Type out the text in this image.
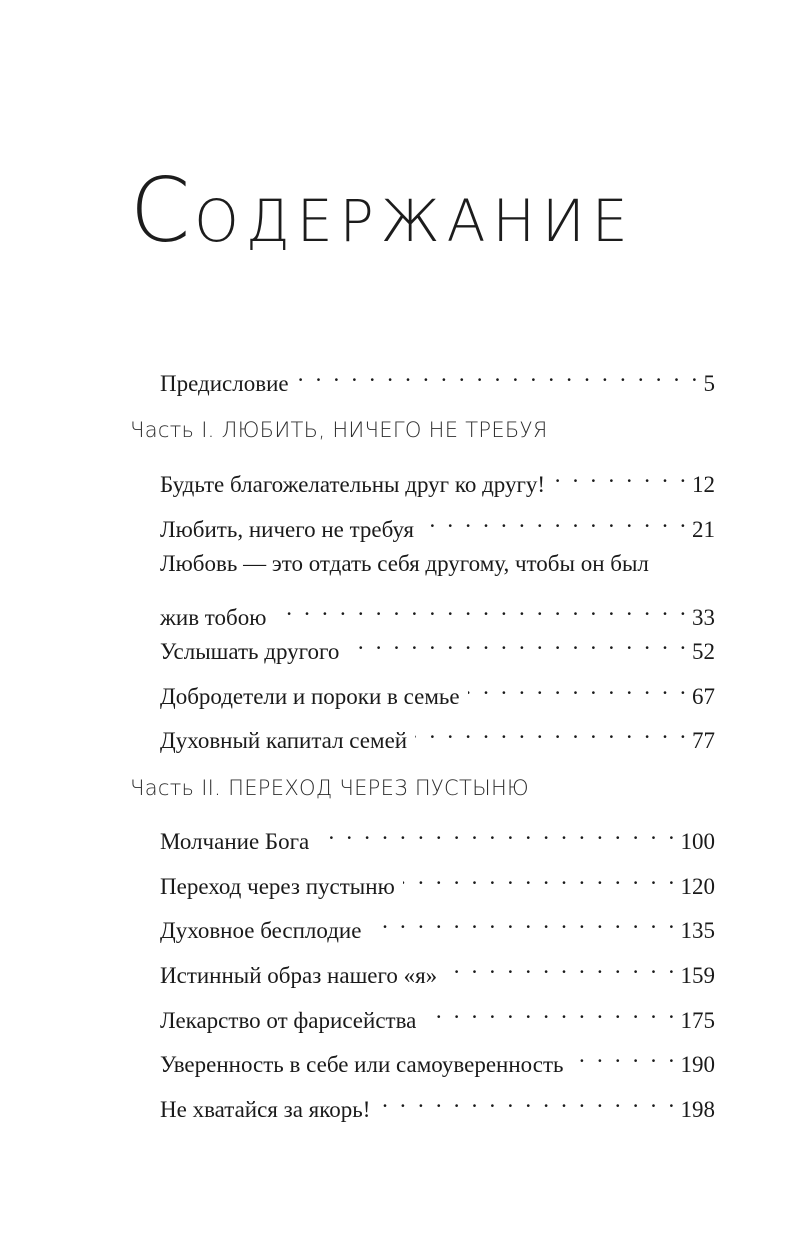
СОДЕРЖАНИЕ
Предисловие . . .	5
Часть I. ЛЮБИТЬ, НИЧЕГО НЕ ТРЕБУЯ
Будьте благожелательны друг ко другу! . . .	12
Любить, ничего не требуя . . .	21
Любовь — это отдать себя другому, чтобы он был
жив тобою . . .	33
Услышать другого . . .	52
Добродетели и пороки в семье . . .	67
Духовный капитал семей . . .	77
Часть II. ПЕРЕХОД ЧЕРЕЗ ПУСТЫНЮ
Молчание Бога . . .	100
Переход через пустыню . . .	120
Духовное бесплодие . . .	135
Истинный образ нашего «я» . . .	159
Лекарство от фарисейства . . .	175
Уверенность в себе или самоуверенность . . .	190
Не хватайся за якорь! . . .	198
